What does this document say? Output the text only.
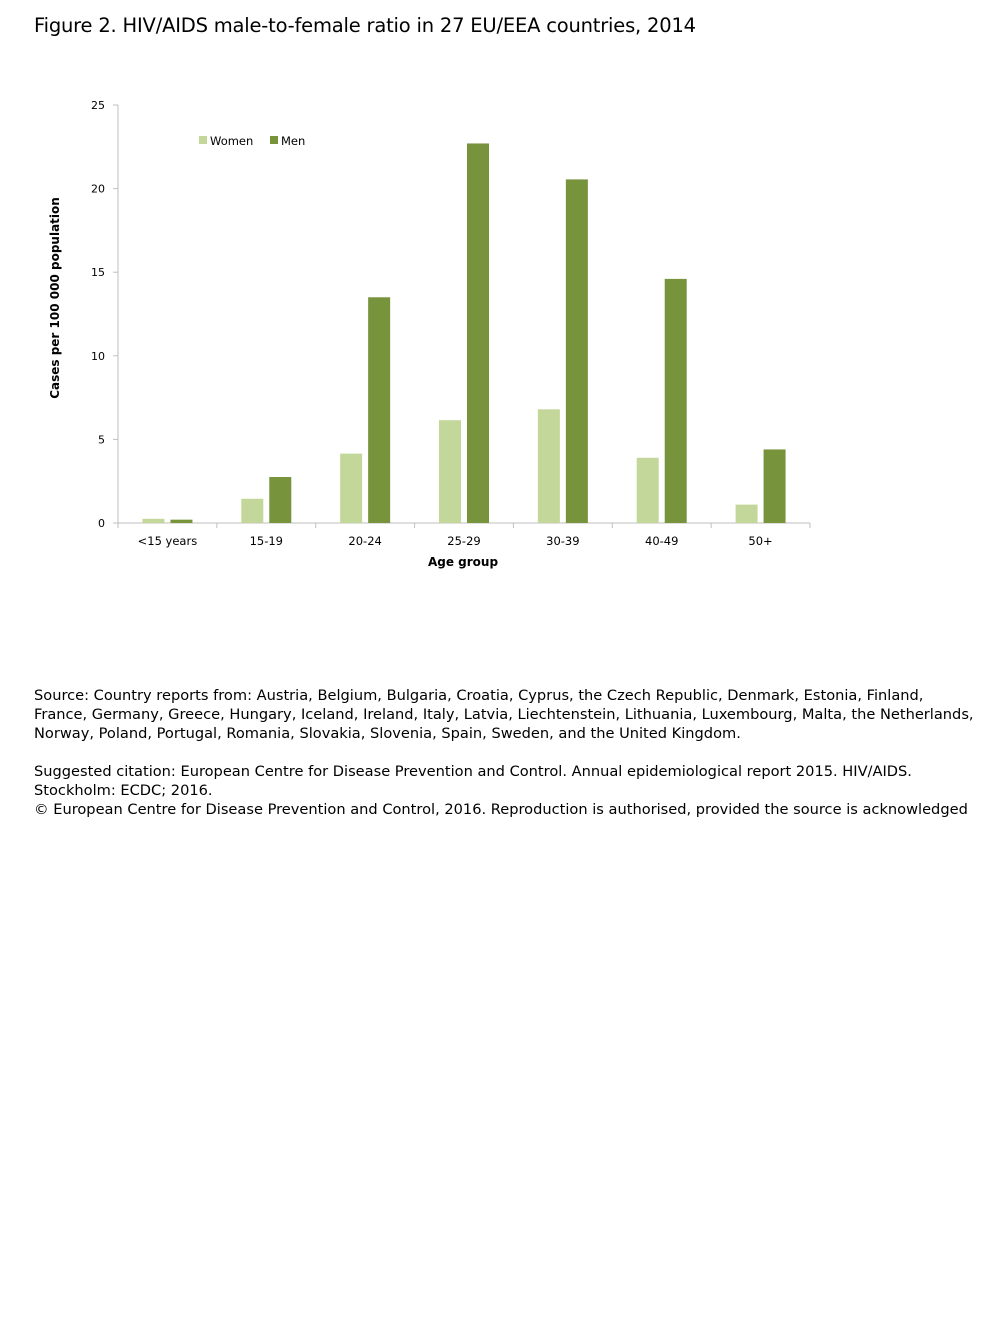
Figure 2. HIV/AIDS male-to-female ratio in 27 EU/EEA countries, 2014
0
5
10
15
20
25
<15 years	15-19	20-24	25-29	30-39	40-49	50+
Women Men
Cases per 100 000 population
Age group

Source: Country reports from: Austria, Belgium, Bulgaria, Croatia, Cyprus, the Czech Republic, Denmark, Estonia, Finland, France, Germany, Greece, Hungary, Iceland, Ireland, Italy, Latvia, Liechtenstein, Lithuania, Luxembourg, Malta, the Netherlands, Norway, Poland, Portugal, Romania, Slovakia, Slovenia, Spain, Sweden, and the United Kingdom.

Suggested citation: European Centre for Disease Prevention and Control. Annual epidemiological report 2015. HIV/AIDS. Stockholm: ECDC; 2016.

© European Centre for Disease Prevention and Control, 2016. Reproduction is authorised, provided the source is acknowledged
